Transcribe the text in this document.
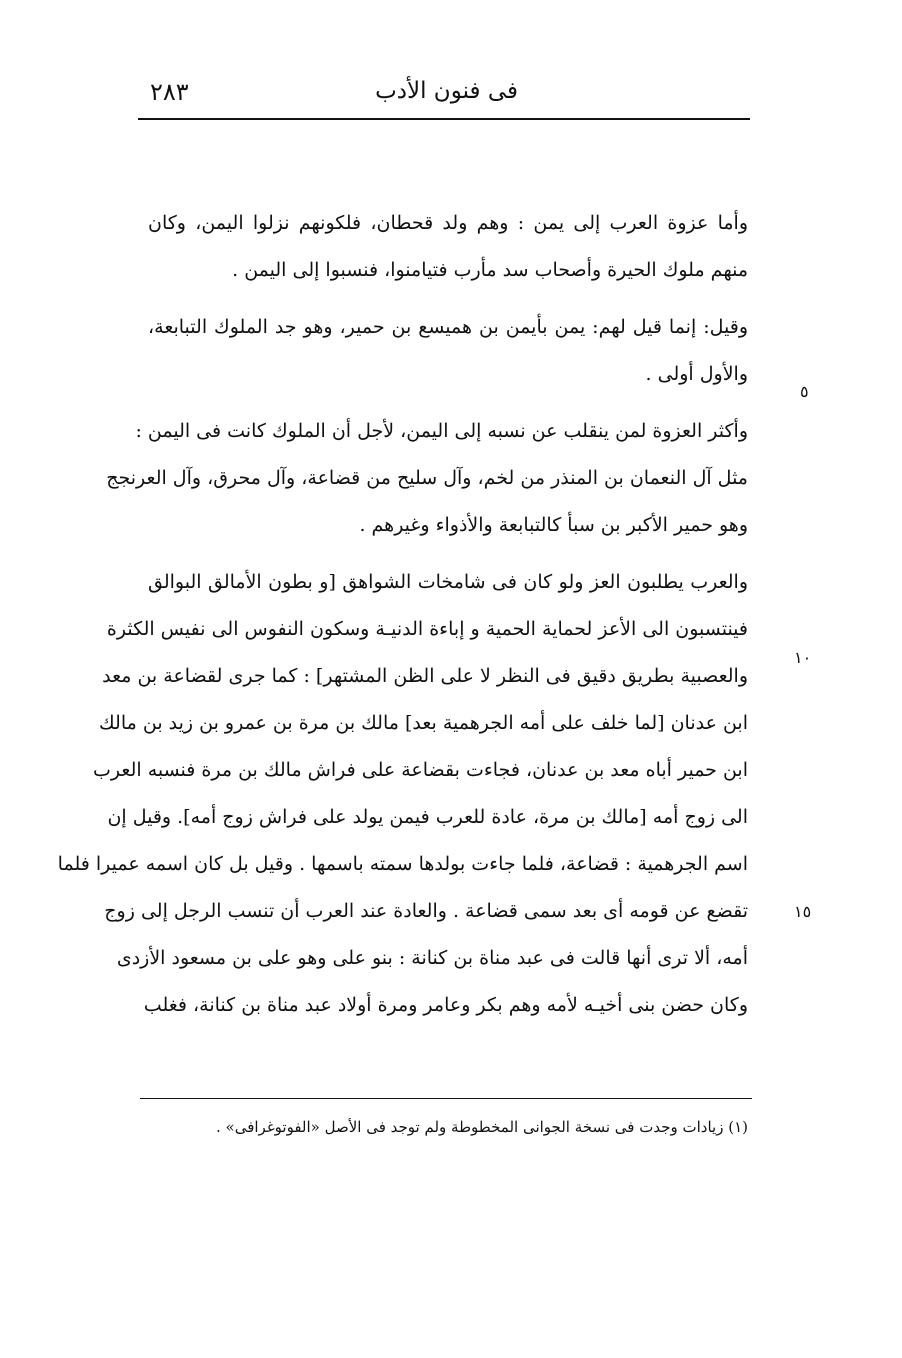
فى فنون الأدب
٢٨٣
وأما عزوة العرب إلى يمن : وهم ولد قحطان، فلكونهم نزلوا اليمن، وكان
منهم ملوك الحيرة وأصحاب سد مأرب فتيامنوا، فنسبوا إلى اليمن .
وقيل: إنما قيل لهم: يمن بأيمن بن هميسع بن حمير، وهو جد الملوك التبابعة،
والأول أولى .
وأكثر العزوة لمن ينقلب عن نسبه إلى اليمن، لأجل أن الملوك كانت فى اليمن :
مثل آل النعمان بن المنذر من لخم، وآل سليح من قضاعة، وآل محرق، وآل العرنجج
وهو حمير الأكبر بن سبأ كالتبابعة والأذواء وغيرهم .
والعرب يطلبون العز ولو كان فى شامخات الشواهق [و بطون الأمالق البوالق
فينتسبون الى الأعز لحماية الحمية و إباءة الدنيـة وسكون النفوس الى نفيس الكثرة
والعصبية بطريق دقيق فى النظر لا على الظن المشتهر] : كما جرى لقضاعة بن معد
ابن عدنان [لما خلف على أمه الجرهمية بعد] مالك بن مرة بن عمرو بن زيد بن مالك
ابن حمير أباه معد بن عدنان، فجاءت بقضاعة على فراش مالك بن مرة فنسبه العرب
الى زوج أمه [مالك بن مرة، عادة للعرب فيمن يولد على فراش زوج أمه]. وقيل إن
اسم الجرهمية : قضاعة، فلما جاءت بولدها سمته باسمها . وقيل بل كان اسمه عميرا فلما
تقضع عن قومه أى بعد سمى قضاعة . والعادة عند العرب أن تنسب الرجل إلى زوج
أمه، ألا ترى أنها قالت فى عبد مناة بن كنانة : بنو على وهو على بن مسعود الأزدى
وكان حضن بنى أخيـه لأمه وهم بكر وعامر ومرة أولاد عبد مناة بن كنانة، فغلب
٥
١٠
١٥
(١) زيادات وجدت فى نسخة الجوانى المخطوطة ولم توجد فى الأصل «الفوتوغرافى» .
